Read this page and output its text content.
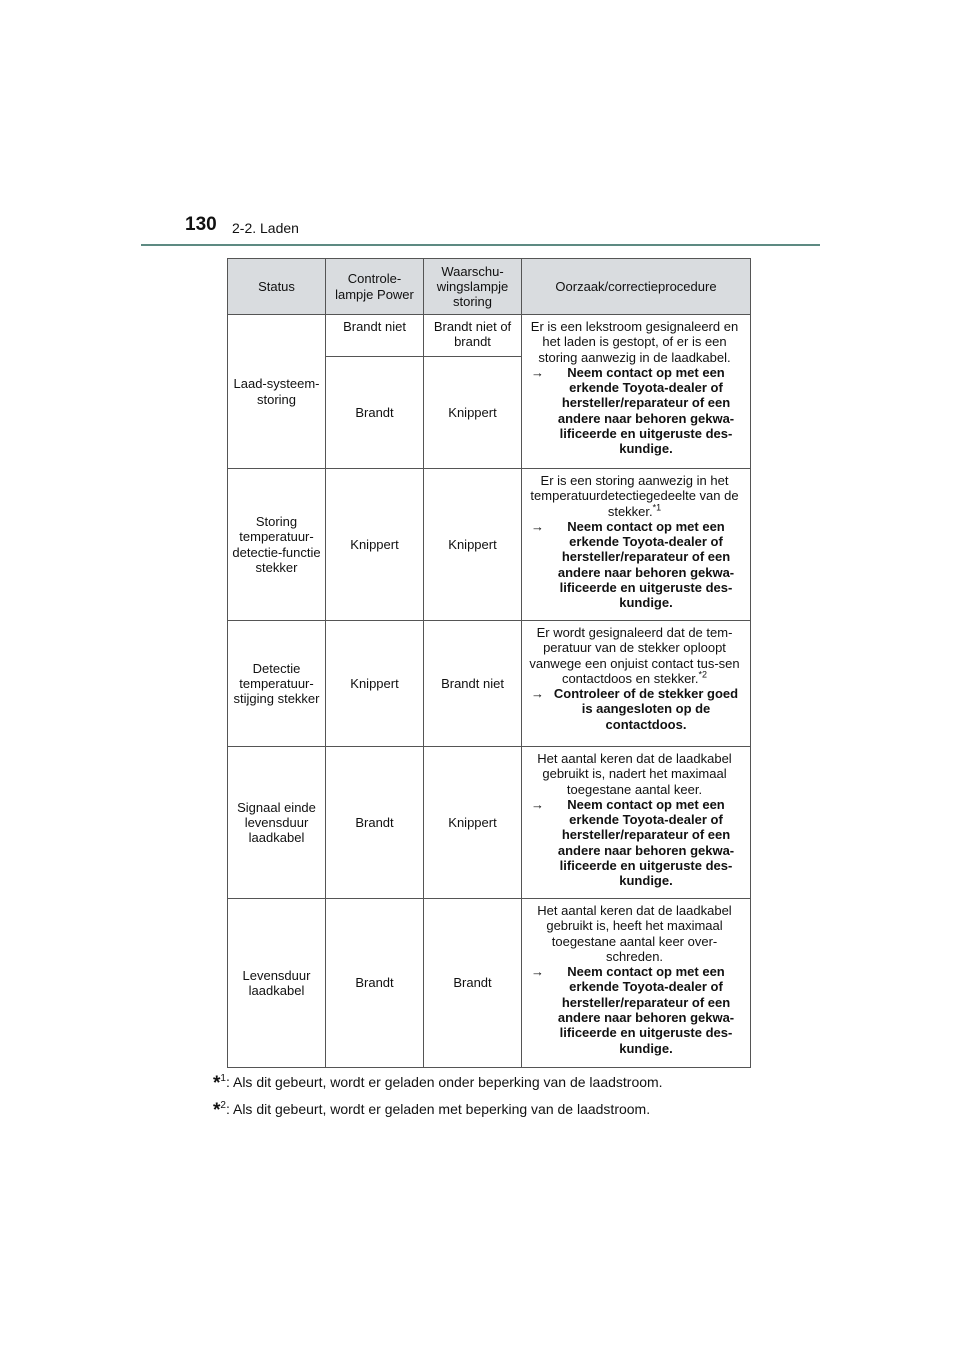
130 2-2. Laden
Status	Controle-lampje Power	Waarschu-wingslampje storing	Oorzaak/correctieprocedure
Laad-systeem-storing	Brandt niet	Brandt niet of brandt	Er is een lekstroom gesignaleerd en het laden is gestopt, of er is een storing aanwezig in de laadkabel.
→ Neem contact op met een erkende Toyota-dealer of hersteller/reparateur of een andere naar behoren gekwa-lificeerde en uitgeruste des-kundige.

	Brandt	Knippert	
Storing temperatuur-detectie-functie stekker	Knippert	Knippert	Er is een storing aanwezig in het temperatuurdetectiegedeelte van de stekker.$^{*1}$
→ Neem contact op met een erkende Toyota-dealer of hersteller/reparateur of een andere naar behoren gekwa-lificeerde en uitgeruste des-kundige.

Detectie temperatuur-stijging stekker	Knippert	Brandt niet	Er wordt gesignaleerd dat de tem-peratuur van de stekker oploopt vanwege een onjuist contact tus-sen contactdoos en stekker.$^{*2}$
→ Controleer of de stekker goed is aangesloten op de contactdoos.

Signaal einde levensduur laadkabel	Brandt	Knippert	Het aantal keren dat de laadkabel gebruikt is, nadert het maximaal toegestane aantal keer.
→ Neem contact op met een erkende Toyota-dealer of hersteller/reparateur of een andere naar behoren gekwa-lificeerde en uitgeruste des-kundige.

Levensduur laadkabel	Brandt	Brandt	Het aantal keren dat de laadkabel gebruikt is, heeft het maximaal toegestane aantal keer over-schreden.
→ Neem contact op met een erkende Toyota-dealer of hersteller/reparateur of een andere naar behoren gekwa-lificeerde en uitgeruste des-kundige.
*$^1$: Als dit gebeurt, wordt er geladen onder beperking van de laadstroom.
*$^2$: Als dit gebeurt, wordt er geladen met beperking van de laadstroom.
